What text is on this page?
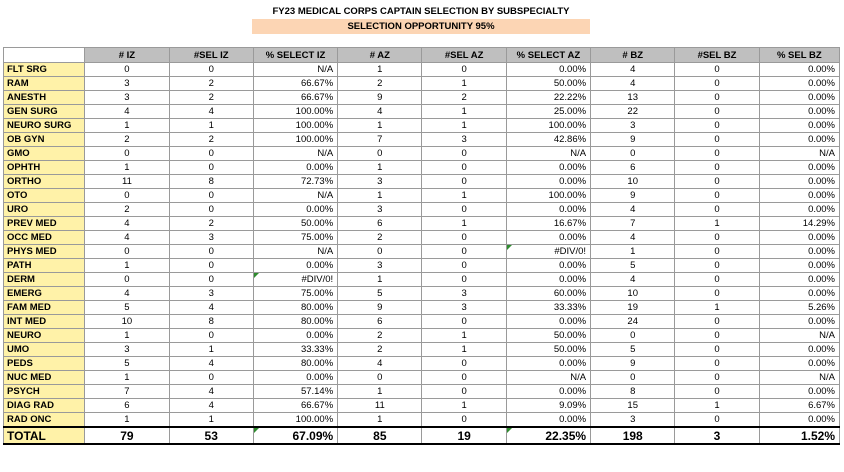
FY23 MEDICAL CORPS CAPTAIN SELECTION BY SUBSPECIALTY
SELECTION OPPORTUNITY 95%
	# IZ	#SEL IZ	% SELECT IZ	# AZ	#SEL AZ	% SELECT AZ	# BZ	#SEL BZ	% SEL BZ
FLT SRG	0	0	N/A	1	0	0.00%	4	0	0.00%
RAM	3	2	66.67%	2	1	50.00%	4	0	0.00%
ANESTH	3	2	66.67%	9	2	22.22%	13	0	0.00%
GEN SURG	4	4	100.00%	4	1	25.00%	22	0	0.00%
NEURO SURG	1	1	100.00%	1	1	100.00%	3	0	0.00%
OB GYN	2	2	100.00%	7	3	42.86%	9	0	0.00%
GMO	0	0	N/A	0	0	N/A	0	0	N/A
OPHTH	1	0	0.00%	1	0	0.00%	6	0	0.00%
ORTHO	11	8	72.73%	3	0	0.00%	10	0	0.00%
OTO	0	0	N/A	1	1	100.00%	9	0	0.00%
URO	2	0	0.00%	3	0	0.00%	4	0	0.00%
PREV MED	4	2	50.00%	6	1	16.67%	7	1	14.29%
OCC MED	4	3	75.00%	2	0	0.00%	4	0	0.00%
PHYS MED	0	0	N/A	0	0	#DIV/0!	1	0	0.00%
PATH	1	0	0.00%	3	0	0.00%	5	0	0.00%
DERM	0	0	#DIV/0!	1	0	0.00%	4	0	0.00%
EMERG	4	3	75.00%	5	3	60.00%	10	0	0.00%
FAM MED	5	4	80.00%	9	3	33.33%	19	1	5.26%
INT MED	10	8	80.00%	6	0	0.00%	24	0	0.00%
NEURO	1	0	0.00%	2	1	50.00%	0	0	N/A
UMO	3	1	33.33%	2	1	50.00%	5	0	0.00%
PEDS	5	4	80.00%	4	0	0.00%	9	0	0.00%
NUC MED	1	0	0.00%	0	0	N/A	0	0	N/A
PSYCH	7	4	57.14%	1	0	0.00%	8	0	0.00%
DIAG RAD	6	4	66.67%	11	1	9.09%	15	1	6.67%
RAD ONC	1	1	100.00%	1	0	0.00%	3	0	0.00%
TOTAL	79	53	67.09%	85	19	22.35%	198	3	1.52%
